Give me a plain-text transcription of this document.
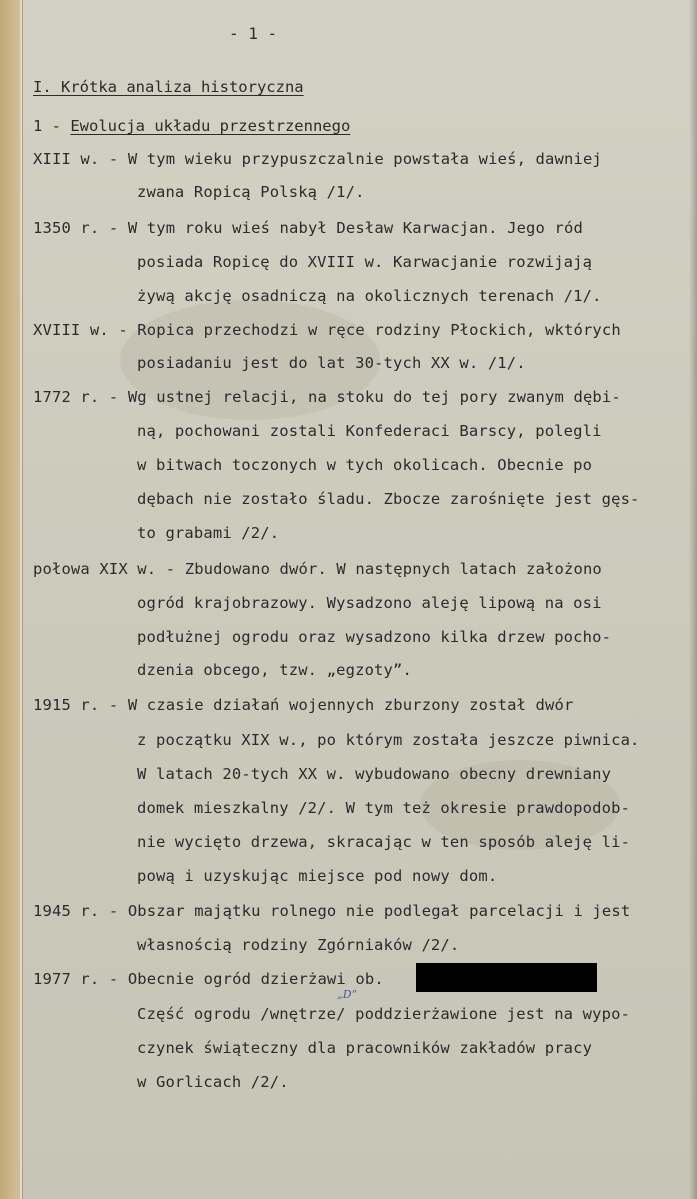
- 1 -
I. Krótka analiza historyczna
1 - Ewolucja układu przestrzennego
XIII w. - W tym wieku przypuszczalnie powstała wieś, dawniej
zwana Ropicą Polską /1/.
1350 r. - W tym roku wieś nabył Desław Karwacjan. Jego ród
posiada Ropicę do XVIII w. Karwacjanie rozwijają
żywą akcję osadniczą na okolicznych terenach /1/.
XVIII w. - Ropica przechodzi w ręce rodziny Płockich, wktórych
posiadaniu jest do lat 30-tych XX w. /1/.
1772 r. - Wg ustnej relacji, na stoku do tej pory zwanym dębi-
ną, pochowani zostali Konfederaci Barscy, polegli
w bitwach toczonych w tych okolicach. Obecnie po
dębach nie zostało śladu. Zbocze zarośnięte jest gęs-
to grabami /2/.
połowa XIX w. - Zbudowano dwór. W następnych latach założono
ogród krajobrazowy. Wysadzono aleję lipową na osi
podłużnej ogrodu oraz wysadzono kilka drzew pocho-
dzenia obcego, tzw. „egzoty”.
1915 r. - W czasie działań wojennych zburzony został dwór
z początku XIX w., po którym została jeszcze piwnica.
W latach 20-tych XX w. wybudowano obecny drewniany
domek mieszkalny /2/. W tym też okresie prawdopodob-
nie wycięto drzewa, skracając w ten sposób aleję li-
pową i uzyskując miejsce pod nowy dom.
1945 r. - Obszar majątku rolnego nie podlegał parcelacji i jest
własnością rodziny Zgórniaków /2/.
1977 r. - Obecnie ogród dzierżawi ob.
„D”
Część ogrodu /wnętrze/ poddzierżawione jest na wypo-
czynek świąteczny dla pracowników zakładów pracy
w Gorlicach /2/.
